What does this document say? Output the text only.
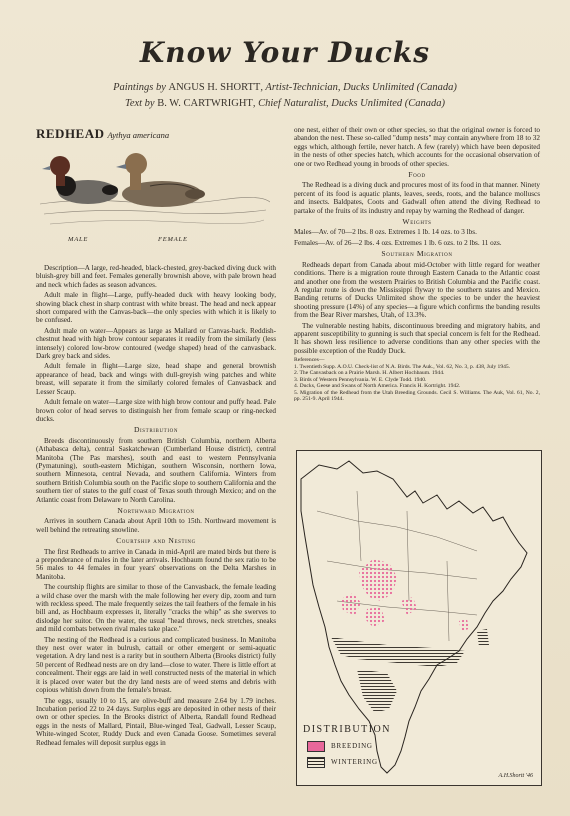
Know Your Ducks
Paintings by ANGUS H. SHORTT, Artist-Technician, Ducks Unlimited (Canada)
Text by B. W. CARTWRIGHT, Chief Naturalist, Ducks Unlimited (Canada)
REDHEAD Aythya americana
MALE	FEMALE

Description—A large, red-headed, black-chested, grey-backed diving duck with bluish-grey bill and feet. Females generally brownish above, with pale brown head and neck which fades as season advances.

Adult male in flight—Large, puffy-headed duck with heavy looking body, showing black chest in sharp contrast with white breast. The head and neck appear short compared with the Canvas-back—the only species with which it is likely to be confused.

Adult male on water—Appears as large as Mallard or Canvas-back. Reddish-chestnut head with high brow contour separates it readily from the similarly (less intensely) colored low-brow contoured (wedge shaped) head of the canvasback. Dark grey back and sides.

Adult female in flight—Large size, head shape and general brownish appearance of head, back and wings with dull-greyish wing patches and white breast, will separate it from the similarly colored females of Canvasback and Lesser Scaup.

Adult female on water—Large size with high brow contour and puffy head. Pale brown color of head serves to distinguish her from female scaup or ring-necked ducks.

Distribution

Breeds discontinuously from southern British Columbia, northern Alberta (Athabasca delta), central Saskatchewan (Cumberland House district), central Manitoba (The Pas marshes), south and east to western Pennsylvania (Pymatuning), south-eastern Michigan, southern Wisconsin, northern Iowa, southern Minnesota, central Nevada, and southern California. Winters from southern British Columbia south on the Pacific slope to southern California and the southern tier of states to the gulf coast of Texas south through Mexico; and on the Atlantic coast from Delaware to North Carolina.

Northward Migration

Arrives in southern Canada about April 10th to 15th. Northward movement is well behind the retreating snowline.

Courtship and Nesting

The first Redheads to arrive in Canada in mid-April are mated birds but there is a preponderance of males in the later arrivals. Hochbaum found the sex ratio to be 56 males to 44 females in four years' observations on the Delta Marshes in Manitoba.

The courtship flights are similar to those of the Canvasback, the female leading a wild chase over the marsh with the male following her every dip, zoom and turn with reckless speed. The male frequently seizes the tail feathers of the female in his bill and, as Hochbaum expresses it, literally "cracks the whip" as she swerves to dislodge her suitor. On the water, the usual "head throws, neck stretches, sneaks and mild combats between rival males take place."

The nesting of the Redhead is a curious and complicated business. In Manitoba they nest over water in bulrush, cattail or other emergent or semi-aquatic vegetation. A dry land nest is a rarity but in southern Alberta (Brooks district) fully 50 percent of Redhead nests are on dry land—close to water. There is little effort at concealment. Their eggs are laid in well constructed nests of the material in which it is placed over water but the dry land nests are of weed stems and debris with copious whitish down from the female's breast.

The eggs, usually 10 to 15, are olive-buff and measure 2.64 by 1.79 inches. Incubation period 22 to 24 days. Surplus eggs are deposited in other nests of their own or other species. In the Brooks district of Alberta, Randall found Redhead eggs in the nests of Mallard, Pintail, Blue-winged Teal, Gadwall, Lesser Scaup, White-winged Scoter, Ruddy Duck and even Canada Goose. Sometimes several Redhead females will deposit surplus eggs in

one nest, either of their own or other species, so that the original owner is forced to abandon the nest. These so-called "dump nests" may contain anywhere from 18 to 32 eggs which, although fertile, never hatch. A few (rarely) which have been deposited in the nests of other species hatch, which accounts for the occasional observation of one or two Redhead young in broods of other species.

Food

The Redhead is a diving duck and procures most of its food in that manner. Ninety percent of its food is aquatic plants, leaves, seeds, roots, and the balance molluscs and insects. Baldpates, Coots and Gadwall often attend the diving Redhead to partake of the fruits of its industry and repay by warning the Redhead of danger.

Weights

Males—Av. of 70—2 lbs. 8 ozs. Extremes 1 lb. 14 ozs. to 3 lbs.

Females—Av. of 26—2 lbs. 4 ozs. Extremes 1 lb. 6 ozs. to 2 lbs. 11 ozs.

Southern Migration

Redheads depart from Canada about mid-October with little regard for weather conditions. There is a migration route through Eastern Canada to the Atlantic coast and another one from the western Prairies to British Columbia and the Pacific coast. A regular route is down the Mississippi flyway to the southern states and Mexico. Banding returns of Ducks Unlimited show the species to be under the heaviest shooting pressure (14%) of any species—a figure which confirms the banding results from the Bear River marshes, Utah, of 13.3%.

The vulnerable nesting habits, discontinuous breeding and migratory habits, and apparent susceptibility to gunning is such that special concern is felt for the Redhead. It has shown less resilience to adverse conditions than any other species with the possible exception of the Ruddy Duck.

References—
1. Twentieth Supp. A.O.U. Check-list of N.A. Birds. The Auk., Vol. 62, No. 3, p. 438, July 1945.
2. The Canvasback on a Prairie Marsh. H. Albert Hochbaum. 1944.
3. Birds of Western Pennsylvania. W. E. Clyde Todd. 1940.
4. Ducks, Geese and Swans of North America. Francis H. Kortright. 1942.
5. Migration of the Redhead from the Utah Breeding Grounds. Cecil S. Williams. The Auk, Vol. 61, No. 2, pp. 251-9. April 1944.
DISTRIBUTION
BREEDING
WINTERING
A.H.Shortt '46
